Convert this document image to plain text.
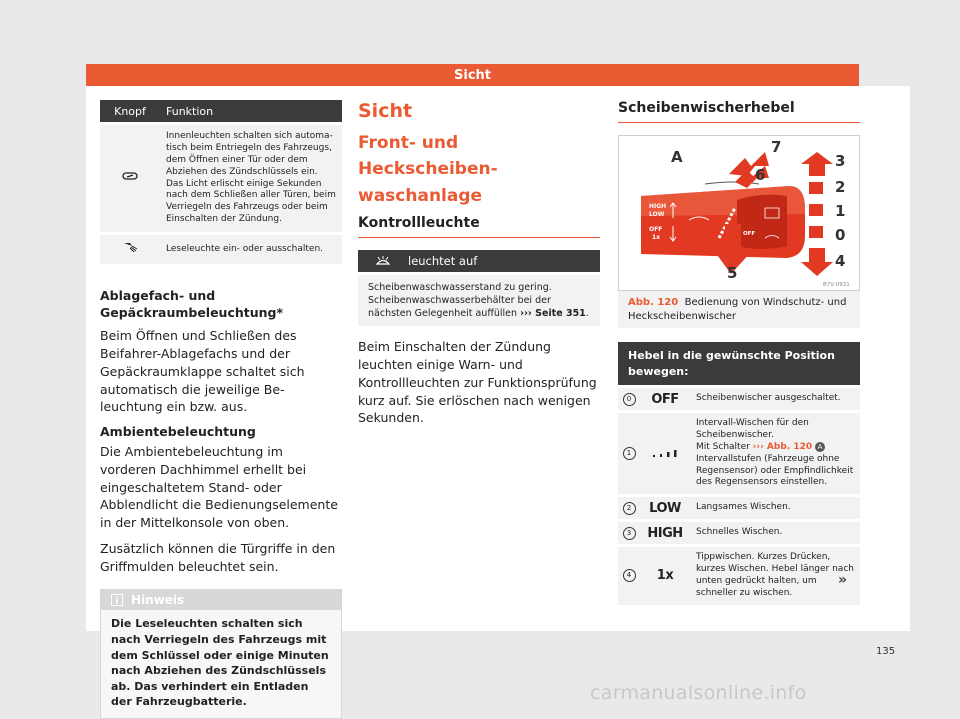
Sicht
Knopf	Funktion
	Innenleuchten schalten sich automatisch beim Entriegeln des Fahrzeugs, dem Öffnen einer Tür oder dem Abziehen des Zündschlüssels ein.
Das Licht erlischt einige Sekunden nach dem Schließen aller Türen, beim Verriegeln des Fahrzeugs oder beim Einschalten der Zündung.
	Leseleuchte ein- oder ausschalten.

Ablagefach- und Gepäckraumbeleuchtung*

Beim Öffnen und Schließen des Beifahrer-Ablagefachs und der Gepäckraumklappe schaltet sich automatisch die jeweilige Beleuchtung ein bzw. aus.

Ambientebeleuchtung

Die Ambientebeleuchtung im vorderen Dachhimmel erhellt bei eingeschaltetem Stand- oder Abblendlicht die Bedienungselemente in der Mittelkonsole von oben.

Zusätzlich können die Türgriffe in den Griffmulden beleuchtet sein.

Hinweis
Die Leseleuchten schalten sich nach Verriegeln des Fahrzeugs mit dem Schlüssel oder einige Minuten nach Abziehen des Zündschlüssels ab. Das verhindert ein Entladen der Fahrzeugbatterie.

Sicht

Front- und Heckscheibenwaschanlage

Kontrollleuchte

leuchtet auf
Scheibenwaschwasserstand zu gering. Scheibenwaschwasserbehälter bei der nächsten Gelegenheit auffüllen ››› Seite 351.

Beim Einschalten der Zündung leuchten einige Warn- und Kontrollleuchten zur Funktionsprüfung kurz auf. Sie erlöschen nach wenigen Sekunden.

Scheibenwischerhebel

HIGH
LOW
OFF
1x	OFF
A
7
6
3
2
1
0
4
5
B7V-0931
Abb. 120 Bedienung von Windschutz- und Heckscheibenwischer
Hebel in die gewünschte Position bewegen:
0	OFF	Scheibenwischer ausgeschaltet.
1		Intervall-Wischen für den Scheibenwischer.
Mit Schalter ››› Abb. 120 A Intervallstufen (Fahrzeuge ohne Regensensor) oder Empfindlichkeit des Regensensors einstellen.
2	LOW	Langsames Wischen.
3	HIGH	Schnelles Wischen.
4	1x	Tippwischen. Kurzes Drücken, kurzes Wischen. Hebel länger nach unten gedrückt halten, um schneller zu wischen.
»
135
carmanualsonline.info
